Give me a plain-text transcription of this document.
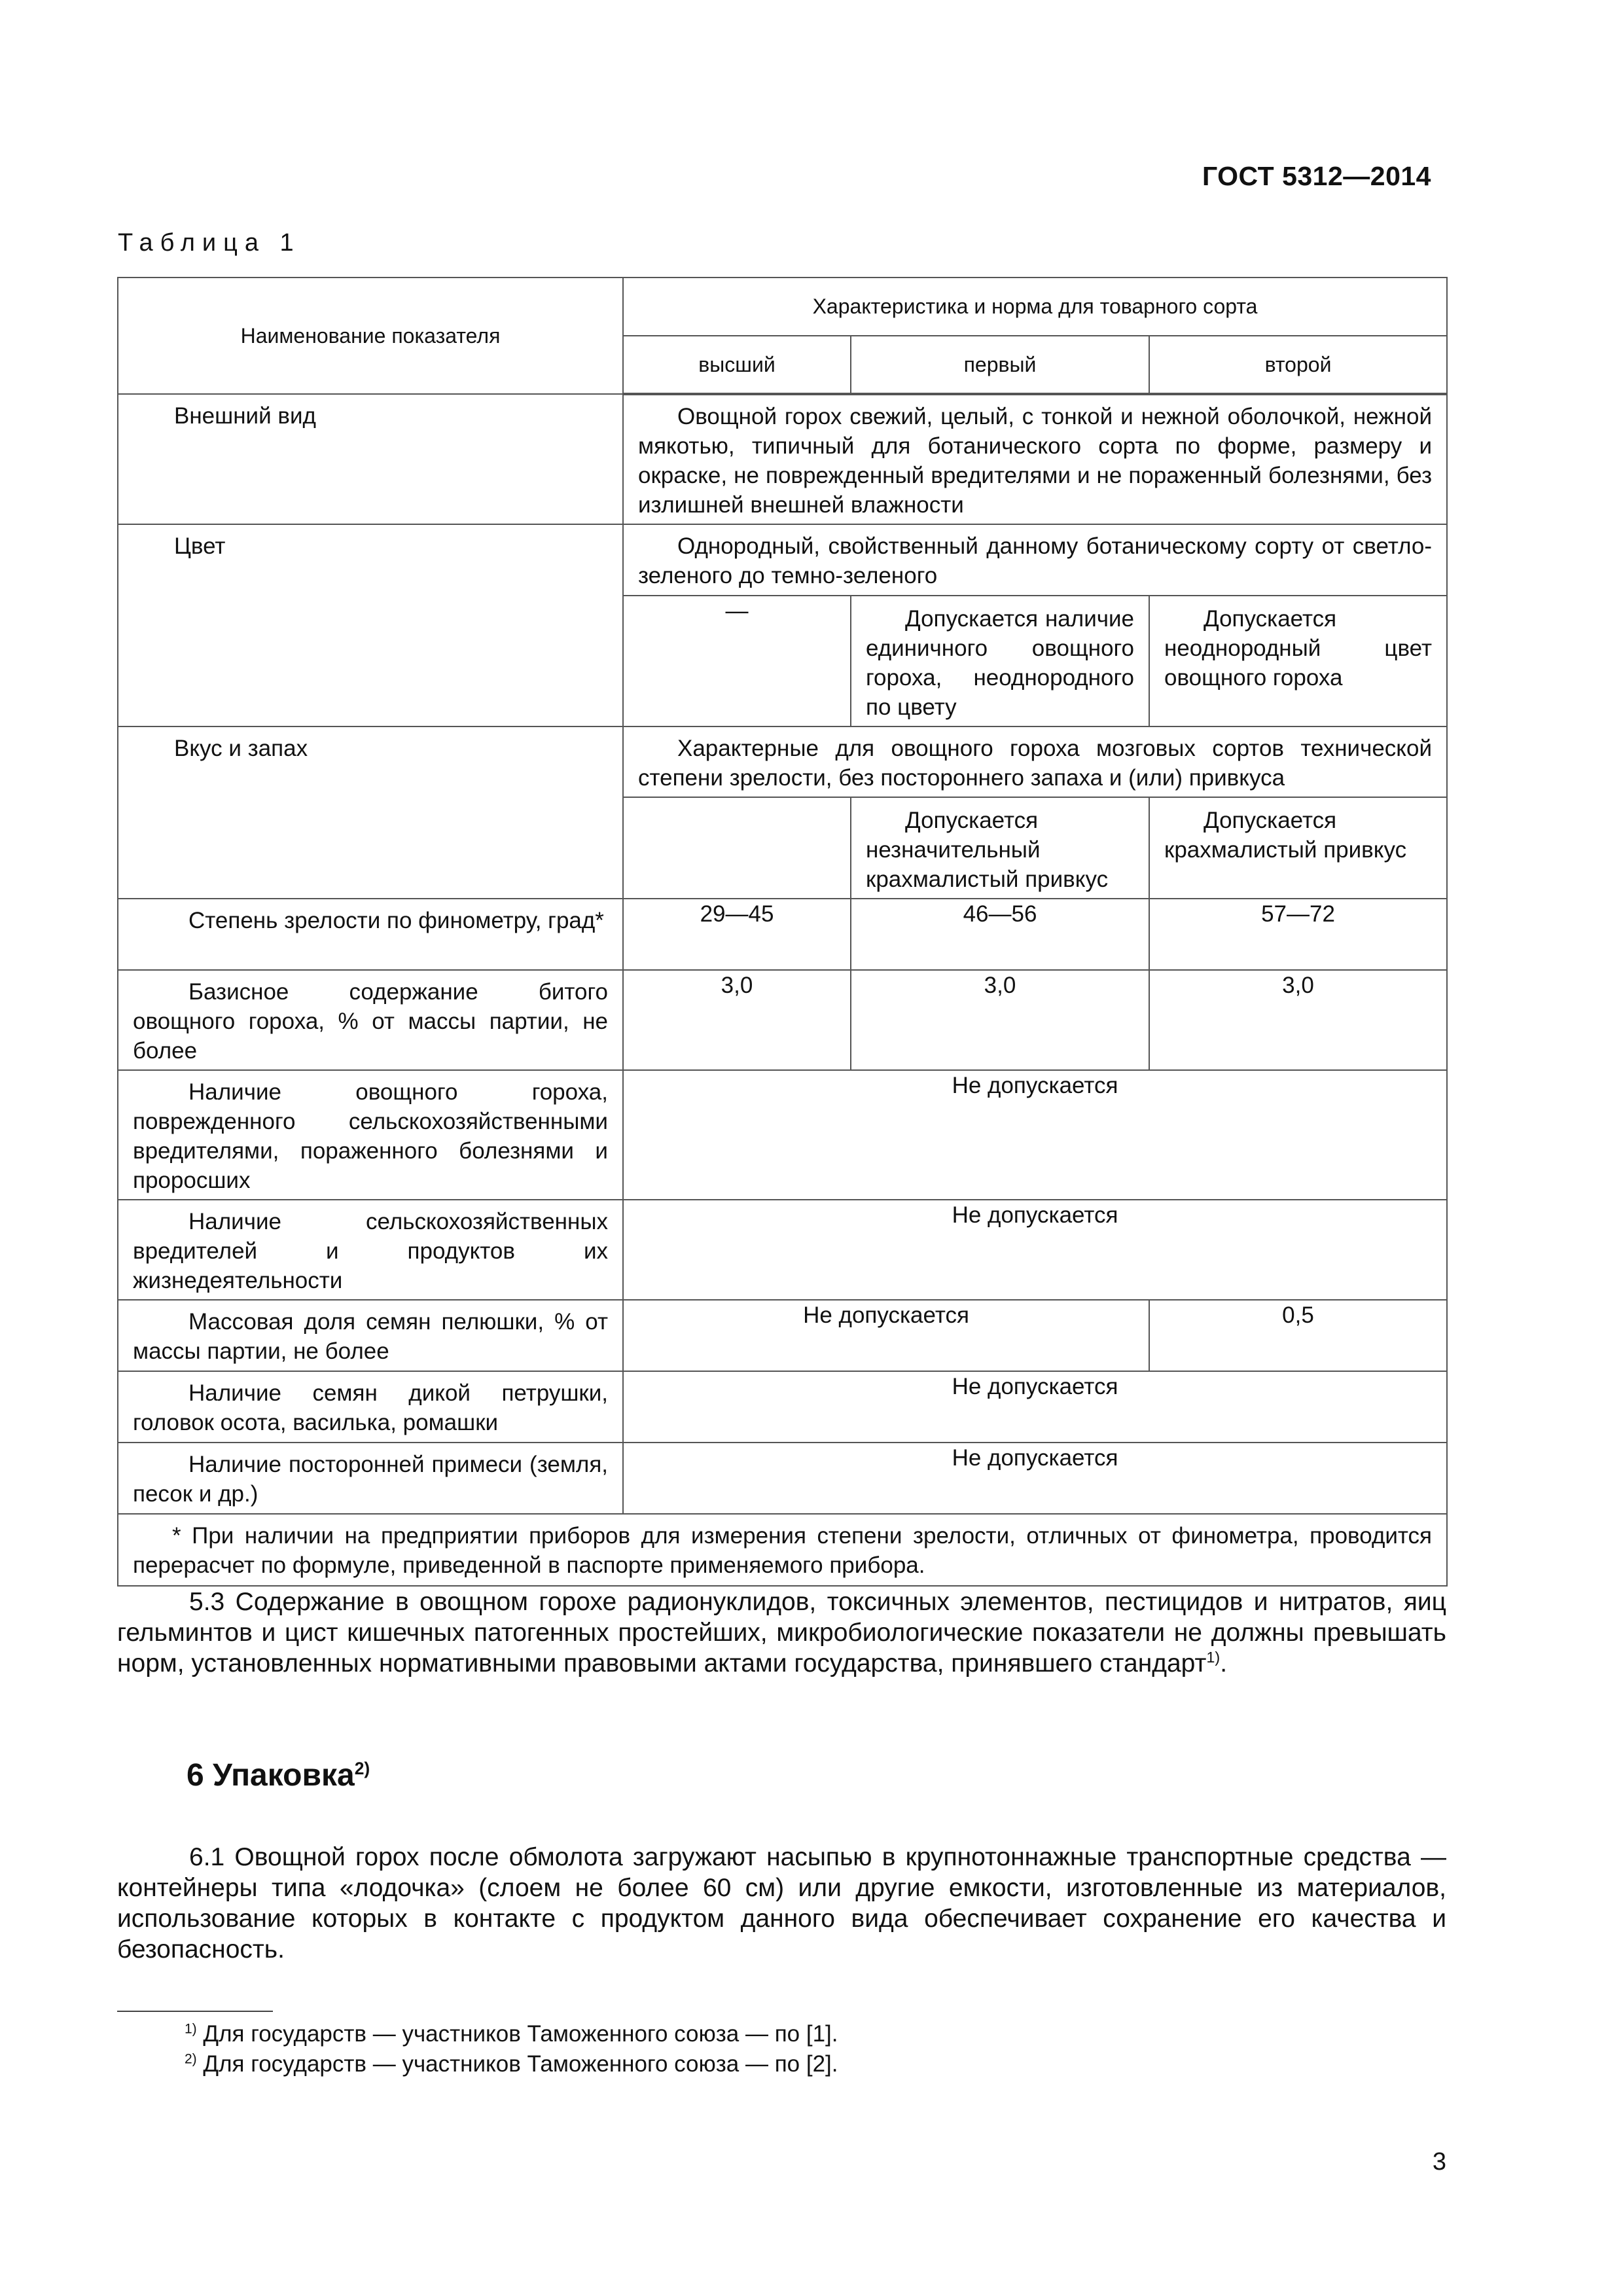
ГОСТ 5312—2014
Таблица 1
Наименование показателя	Характеристика и норма для товарного сорта		
	высший	первый	второй

Внешний вид	Овощной горох свежий, целый, с тонкой и нежной оболочкой, нежной мякотью, типичный для ботанического сорта по форме, размеру и окраске, не поврежденный вредителями и не пораженный болезнями, без излишней внешней влажности		

Цвет	Однородный, свойственный данному ботаническому сорту от светло-зеленого до темно-зеленого		

	—	Допускается наличие единичного овощного гороха, неоднородного по цвету	Допускается неоднородный цвет овощного гороха

Вкус и запах	Характерные для овощного гороха мозговых сортов технической степени зрелости, без постороннего запаха и (или) привкуса		

		Допускается незначительный крахмалистый привкус	Допускается крахмалистый привкус

Степень зрелости по финометру, град*	29—45	46—56	57—72

Базисное содержание битого овощного гороха, % от массы партии, не более	3,0	3,0	3,0

Наличие овощного гороха, поврежденного сельскохозяйственными вредителями, пораженного болезнями и проросших	Не допускается		

Наличие сельскохозяйственных вредителей и продуктов их жизнедеятельности	Не допускается		

Массовая доля семян пелюшки, % от массы партии, не более	Не допускается		0,5

Наличие семян дикой петрушки, головок осота, василька, ромашки	Не допускается		

Наличие посторонней примеси (земля, песок и др.)	Не допускается		

* При наличии на предприятии приборов для измерения степени зрелости, отличных от финометра, проводится перерасчет по формуле, приведенной в паспорте применяемого прибора.			
5.3 Содержание в овощном горохе радионуклидов, токсичных элементов, пестицидов и нитратов, яиц гельминтов и цист кишечных патогенных простейших, микробиологические показатели не должны превышать норм, установленных нормативными правовыми актами государства, принявшего стандарт$^{1)}$.
6 Упаковка$^{2)}$
6.1 Овощной горох после обмолота загружают насыпью в крупнотоннажные транспортные средства — контейнеры типа «лодочка» (слоем не более 60 см) или другие емкости, изготовленные из материалов, использование которых в контакте с продуктом данного вида обеспечивает сохранение его качества и безопасность.
$^{1)}$ Для государств — участников Таможенного союза — по [1].
$^{2)}$ Для государств — участников Таможенного союза — по [2].
3
